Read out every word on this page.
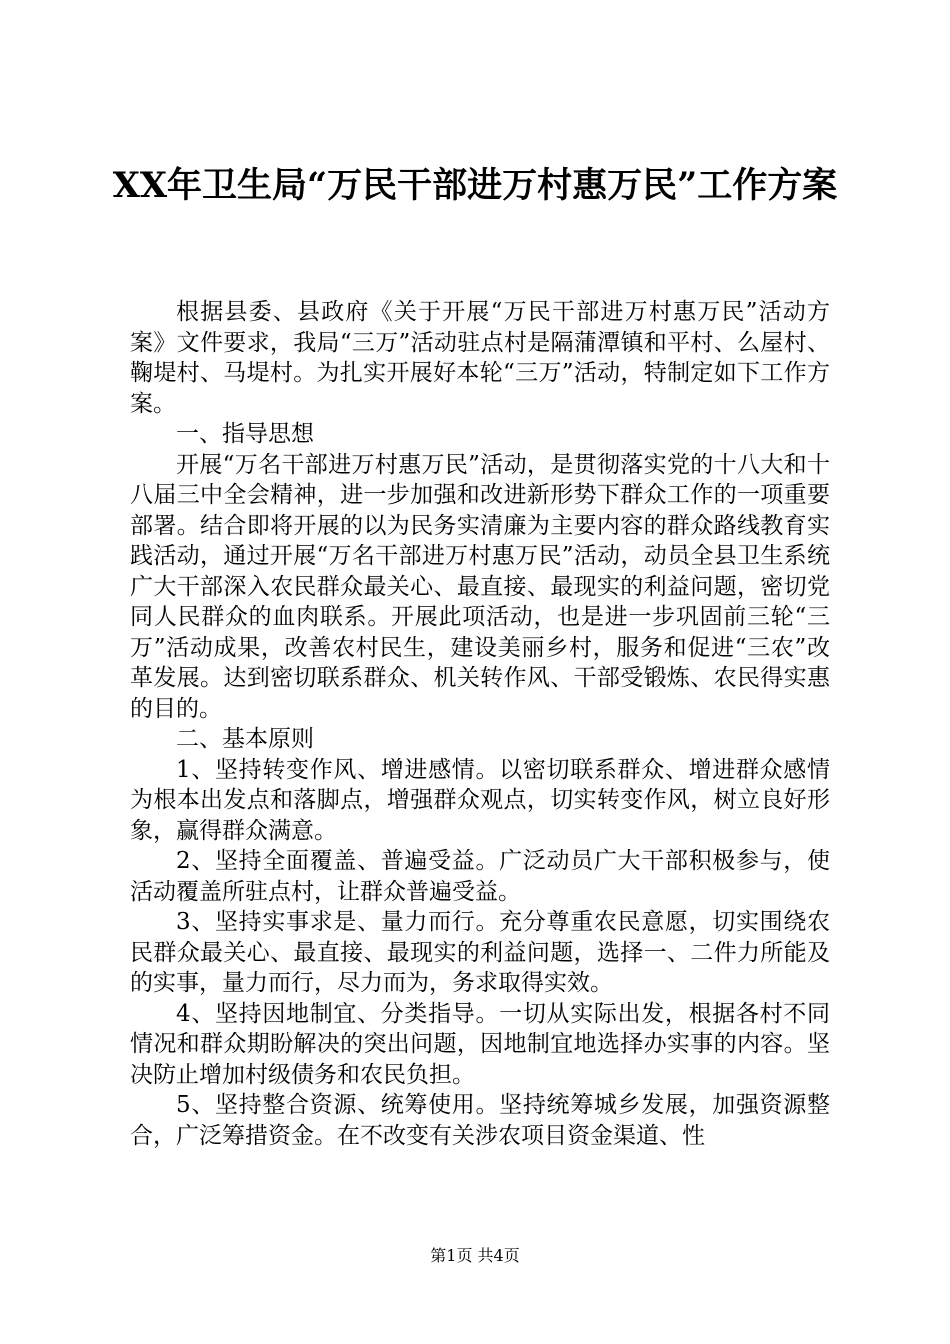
XX年卫生局“万民干部进万村惠万民”工作方案

根据县委、县政府《关于开展“万民干部进万村惠万民”活动方案》文件要求，我局“三万”活动驻点村是隔蒲潭镇和平村、么屋村、鞠堤村、马堤村。为扎实开展好本轮“三万”活动，特制定如下工作方案。

一、指导思想

开展“万名干部进万村惠万民”活动，是贯彻落实党的十八大和十八届三中全会精神，进一步加强和改进新形势下群众工作的一项重要部署。结合即将开展的以为民务实清廉为主要内容的群众路线教育实践活动，通过开展“万名干部进万村惠万民”活动，动员全县卫生系统广大干部深入农民群众最关心、最直接、最现实的利益问题，密切党同人民群众的血肉联系。开展此项活动，也是进一步巩固前三轮“三万”活动成果，改善农村民生，建设美丽乡村，服务和促进“三农”改革发展。达到密切联系群众、机关转作风、干部受锻炼、农民得实惠的目的。

二、基本原则

1、坚持转变作风、增进感情。以密切联系群众、增进群众感情为根本出发点和落脚点，增强群众观点，切实转变作风，树立良好形象，赢得群众满意。

2、坚持全面覆盖、普遍受益。广泛动员广大干部积极参与，使活动覆盖所驻点村，让群众普遍受益。

3、坚持实事求是、量力而行。充分尊重农民意愿，切实围绕农民群众最关心、最直接、最现实的利益问题，选择一、二件力所能及的实事，量力而行，尽力而为，务求取得实效。

4、坚持因地制宜、分类指导。一切从实际出发，根据各村不同情况和群众期盼解决的突出问题，因地制宜地选择办实事的内容。坚决防止增加村级债务和农民负担。

5、坚持整合资源、统筹使用。坚持统筹城乡发展，加强资源整合，广泛筹措资金。在不改变有关涉农项目资金渠道、性

第1页 共4页
